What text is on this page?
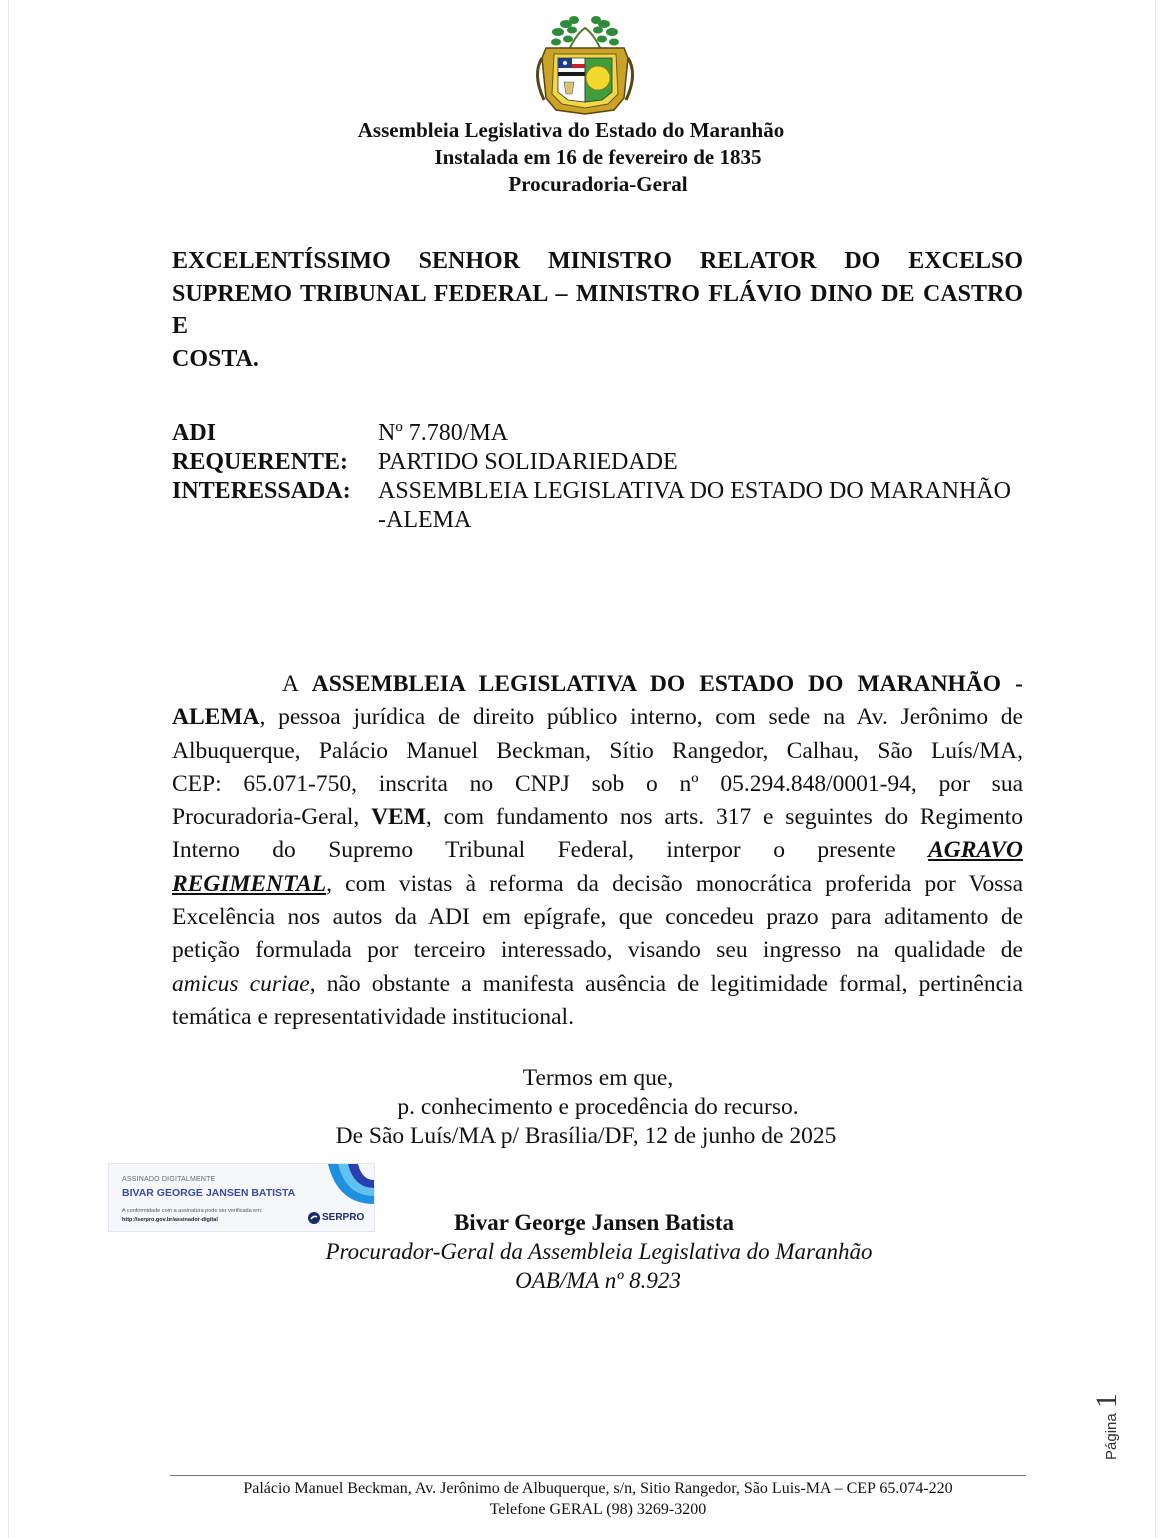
Assembleia Legislativa do Estado do Maranhão
Instalada em 16 de fevereiro de 1835
Procuradoria-Geral
EXCELENTÍSSIMO SENHOR MINISTRO RELATOR DO EXCELSO
SUPREMO TRIBUNAL FEDERAL – MINISTRO FLÁVIO DINO DE CASTRO E
COSTA.
ADI	Nº 7.780/MA
REQUERENTE: PARTIDO SOLIDARIEDADE
INTERESSADA: ASSEMBLEIA LEGISLATIVA DO ESTADO DO MARANHÃO
-ALEMA
A ASSEMBLEIA LEGISLATIVA DO ESTADO DO MARANHÃO -
ALEMA, pessoa jurídica de direito público interno, com sede na Av. Jerônimo de
Albuquerque, Palácio Manuel Beckman, Sítio Rangedor, Calhau, São Luís/MA,
CEP: 65.071-750, inscrita no CNPJ sob o nº 05.294.848/0001-94, por sua
Procuradoria-Geral, VEM, com fundamento nos arts. 317 e seguintes do Regimento
Interno do Supremo Tribunal Federal, interpor o presente AGRAVO
REGIMENTAL, com vistas à reforma da decisão monocrática proferida por Vossa
Excelência nos autos da ADI em epígrafe, que concedeu prazo para aditamento de
petição formulada por terceiro interessado, visando seu ingresso na qualidade de
amicus curiae, não obstante a manifesta ausência de legitimidade formal, pertinência
temática e representatividade institucional.
Termos em que,
p. conhecimento e procedência do recurso.
De São Luís/MA p/ Brasília/DF, 12 de junho de 2025
ASSINADO DIGITALMENTE
BIVAR GEORGE JANSEN BATISTA
A conformidade com a assinatura pode ser verificada em:
http://serpro.gov.br/assinador-digital	SERPRO	Bivar George Jansen Batista
Procurador-Geral da Assembleia Legislativa do Maranhão
OAB/MA nº 8.923
Página1
Palácio Manuel Beckman, Av. Jerônimo de Albuquerque, s/n, Sitio Rangedor, São Luis-MA – CEP 65.074-220
Telefone GERAL (98) 3269-3200
